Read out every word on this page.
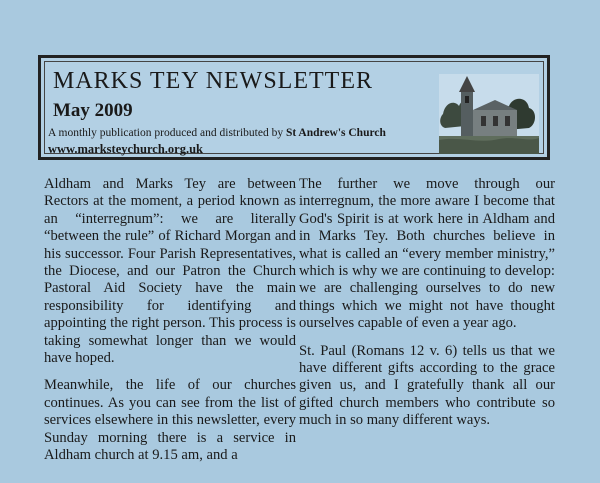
MARKS TEY NEWSLETTER
May 2009
A monthly publication produced and distributed by St Andrew's Church
www.marksteychurch.org.uk

Aldham and Marks Tey are between Rectors at the moment, a period known as an “interregnum”: we are literally “between the rule” of Richard Morgan and his successor. Four Parish Representatives, the Diocese, and our Patron the Church Pastoral Aid Society have the main responsibility for identifying and appointing the right person. This process is taking somewhat longer than we would have hoped.

Meanwhile, the life of our churches continues. As you can see from the list of services elsewhere in this newsletter, every Sunday morning there is a service in Aldham church at 9.15 am, and a

The further we move through our interregnum, the more aware I become that God's Spirit is at work here in Aldham and in Marks Tey. Both churches believe in what is called an “every member ministry,” which is why we are continuing to develop: we are challenging ourselves to do new things which we might not have thought ourselves capable of even a year ago.

St. Paul (Romans 12 v. 6) tells us that we have different gifts according to the grace given us, and I gratefully thank all our gifted church members who contribute so much in so many different ways.
